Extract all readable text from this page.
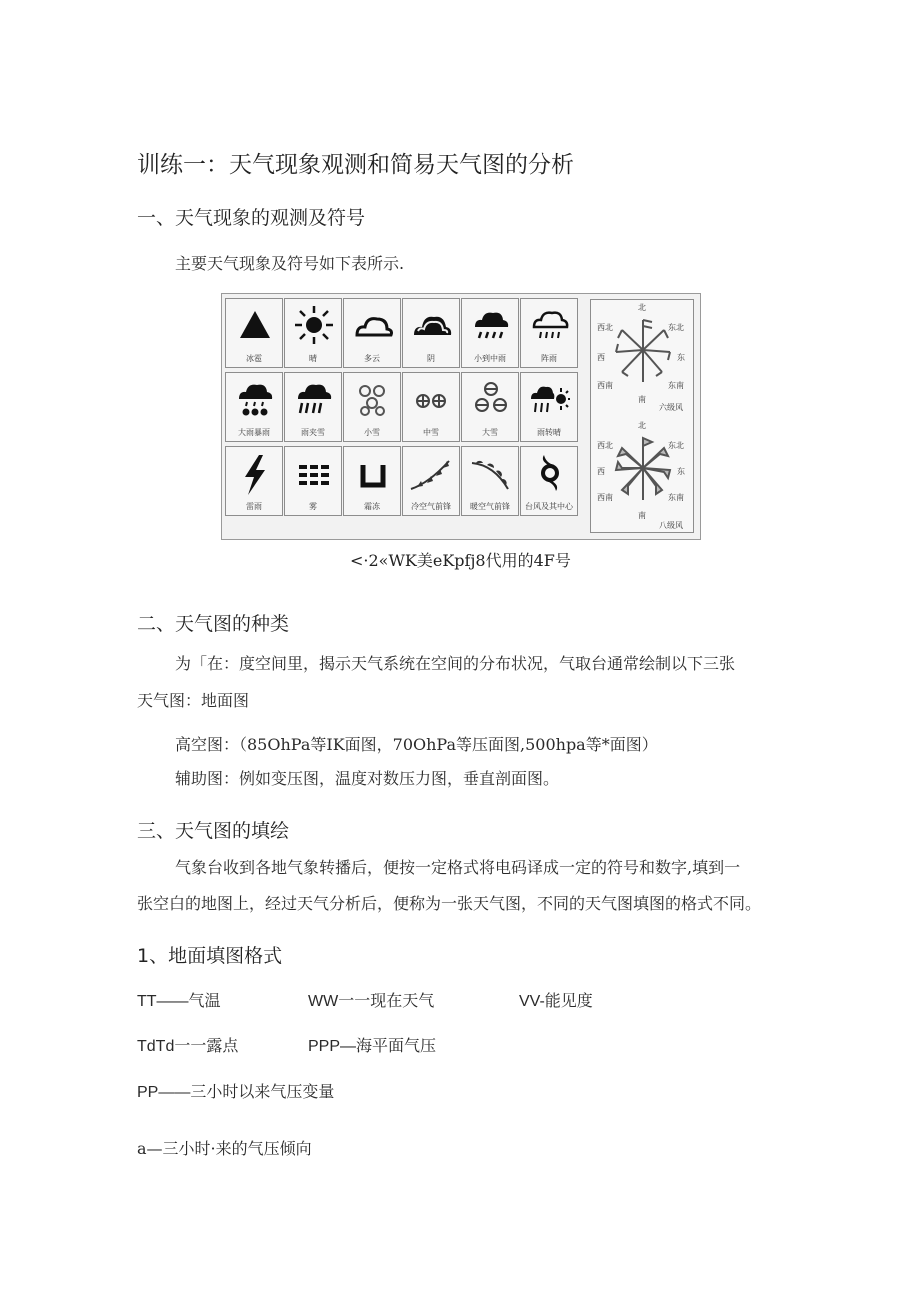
训练一：天气现象观测和简易天气图的分析
一、天气现象的观测及符号
主要天气现象及符号如下表所示.
冰雹	晴	多云	阴	小到中雨	阵雨
大雨暴雨	雨夹雪	小雪	中雪	大雪	雨转晴
雷雨	雾	霜冻	冷空气前锋	暖空气前锋	台风及其中心
北
西北	东北
西	东
西南	东南
南
六级风
北
西北	东北
西	东
西南	东南
南
八级风
<·2«WK美eKpfj8代用的4F号
二、天气图的种类
为「在：度空间里，揭示天气系统在空间的分布状况，气取台通常绘制以下三张
天气图：地面图
高空图：（85OhPa等IK面图，70OhPa等压面图,500hpa等*面图）
辅助图：例如变压图，温度对数压力图，垂直剖面图。
三、天气图的填绘
气象台收到各地气象转播后，便按一定格式将电码译成一定的符号和数字,填到一
张空白的地图上，经过天气分析后，便称为一张天气图，不同的天气图填图的格式不同。
1、地面填图格式
TT——气温	WW一一现在天气	VV-能见度
TdTd一一露点	PPP—海平面气压
PP——三小时以来气压变量
a—三小时·来的气压倾向
